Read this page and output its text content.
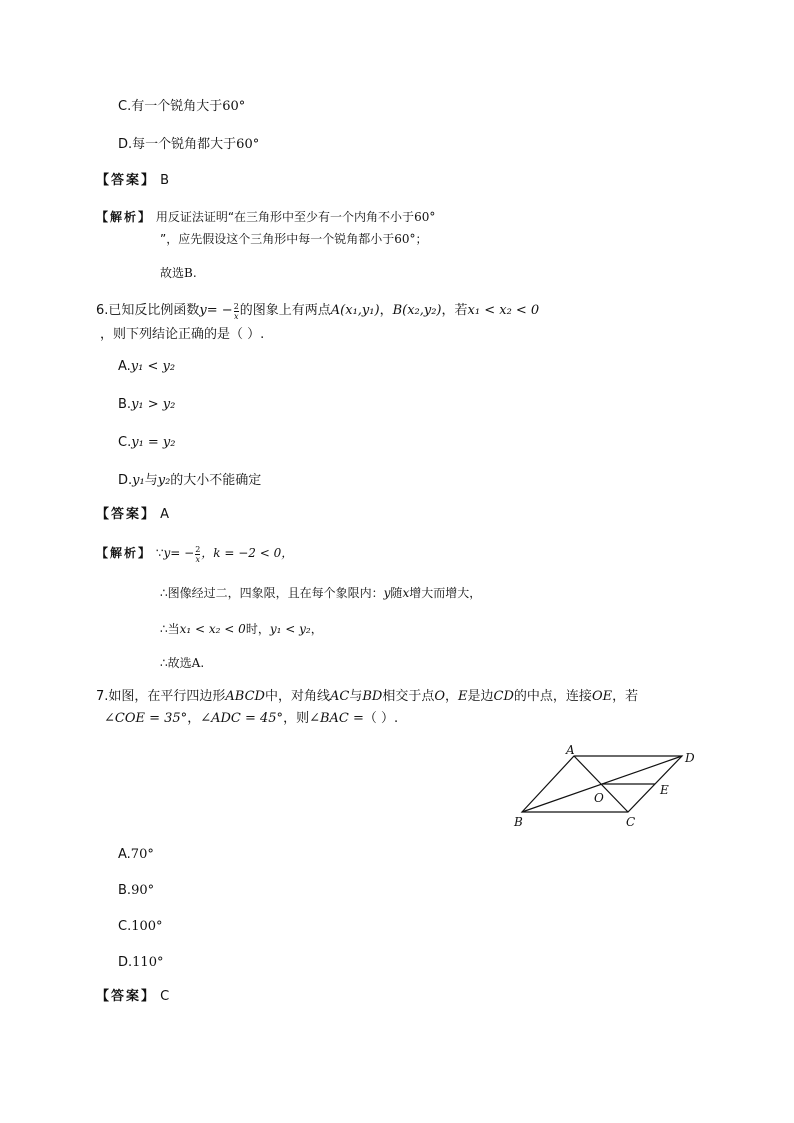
C.有一个锐角大于60°
D.每一个锐角都大于60°
【答案】 B
【解析】 用反证法证明“在三角形中至少有一个内角不小于60°
”，应先假设这个三角形中每一个锐角都小于60°；
故选B.
6.已知反比例函数$y= - \frac{2}{x}$ 的图象上有两点A(x₁,y₁)，B(x₂,y₂)，若x₁ < x₂ < 0
，则下列结论正确的是（ ）.
A.y₁ < y₂
B.y₁ > y₂
C.y₁ = y₂
D.y₁与y₂的大小不能确定
【答案】 A
【解析】 ∵y= − $\frac{2}{x}$ ，k = −2 < 0，
∴图像经过二，四象限，且在每个象限内：y随x增大而增大，
∴当x₁ < x₂ < 0时，y₁ < y₂，
∴故选A.
7.如图，在平行四边形ABCD中，对角线AC与BD相交于点O，E是边CD的中点，连接OE，若
∠COE = 35°，∠ADC = 45°，则∠BAC =（ ）.
A
D
B	C
O
E
A.70°
B.90°
C.100°
D.110°
【答案】 C
